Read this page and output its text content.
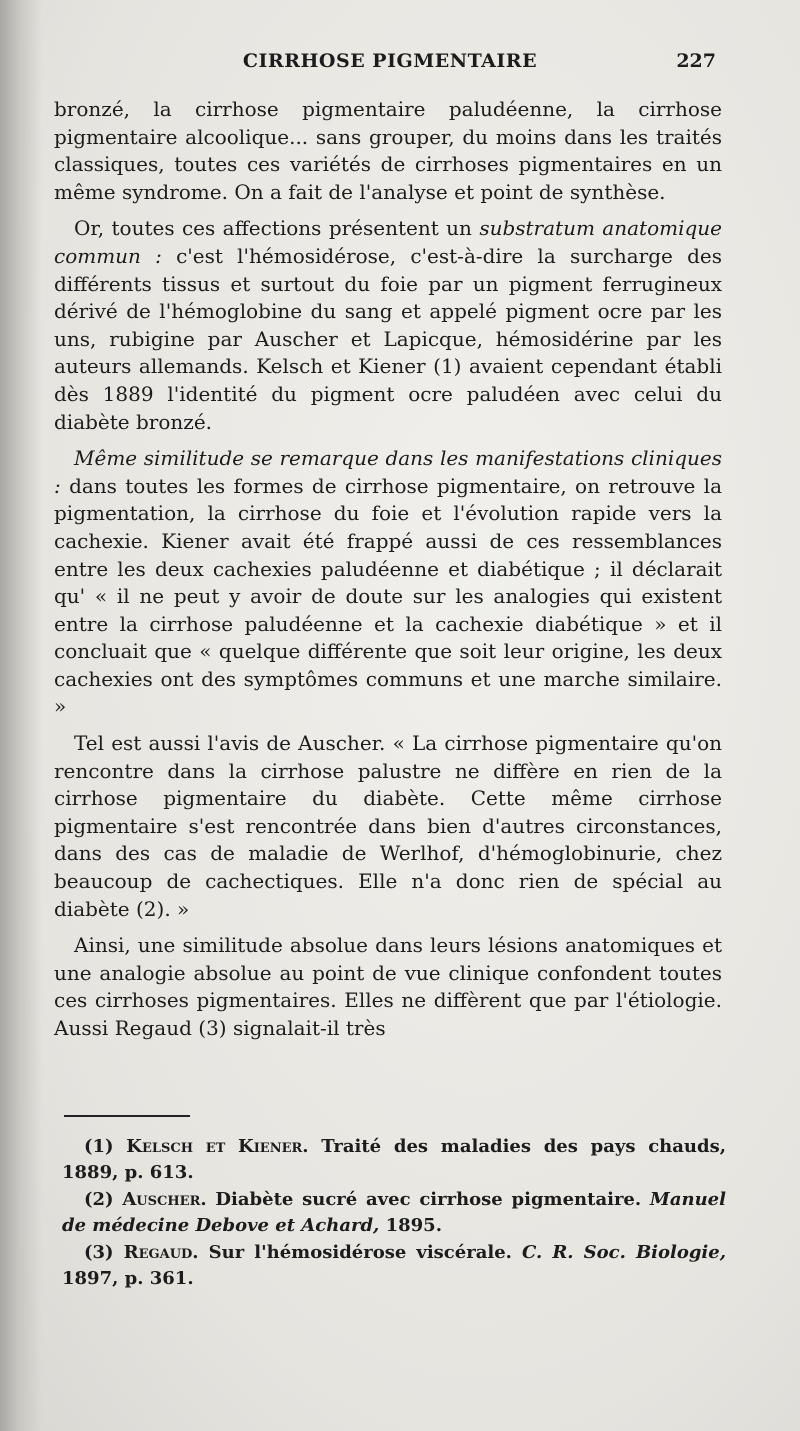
CIRRHOSE PIGMENTAIRE	227

bronzé, la cirrhose pigmentaire paludéenne, la cirrhose pigmentaire alcoolique... sans grouper, du moins dans les traités classiques, toutes ces variétés de cirrhoses pigmentaires en un même syndrome. On a fait de l'analyse et point de synthèse.

Or, toutes ces affections présentent un substratum anatomique commun : c'est l'hémosidérose, c'est-à-dire la surcharge des différents tissus et surtout du foie par un pigment ferrugineux dérivé de l'hémoglobine du sang et appelé pigment ocre par les uns, rubigine par Auscher et Lapicque, hémosidérine par les auteurs allemands. Kelsch et Kiener (1) avaient cependant établi dès 1889 l'identité du pigment ocre paludéen avec celui du diabète bronzé.

Même similitude se remarque dans les manifestations cliniques : dans toutes les formes de cirrhose pigmentaire, on retrouve la pigmentation, la cirrhose du foie et l'évolution rapide vers la cachexie. Kiener avait été frappé aussi de ces ressemblances entre les deux cachexies paludéenne et diabétique ; il déclarait qu' « il ne peut y avoir de doute sur les analogies qui existent entre la cirrhose paludéenne et la cachexie diabétique » et il concluait que « quelque différente que soit leur origine, les deux cachexies ont des symptômes communs et une marche similaire. »

Tel est aussi l'avis de Auscher. « La cirrhose pigmentaire qu'on rencontre dans la cirrhose palustre ne diffère en rien de la cirrhose pigmentaire du diabète. Cette même cirrhose pigmentaire s'est rencontrée dans bien d'autres circonstances, dans des cas de maladie de Werlhof, d'hémoglobinurie, chez beaucoup de cachectiques. Elle n'a donc rien de spécial au diabète (2). »

Ainsi, une similitude absolue dans leurs lésions anatomiques et une analogie absolue au point de vue clinique confondent toutes ces cirrhoses pigmentaires. Elles ne diffèrent que par l'étiologie. Aussi Regaud (3) signalait-il très

(1) Kelsch et Kiener. Traité des maladies des pays chauds, 1889, p. 613.

(2) Auscher. Diabète sucré avec cirrhose pigmentaire. Manuel de médecine Debove et Achard, 1895.

(3) Regaud. Sur l'hémosidérose viscérale. C. R. Soc. Biologie, 1897, p. 361.
